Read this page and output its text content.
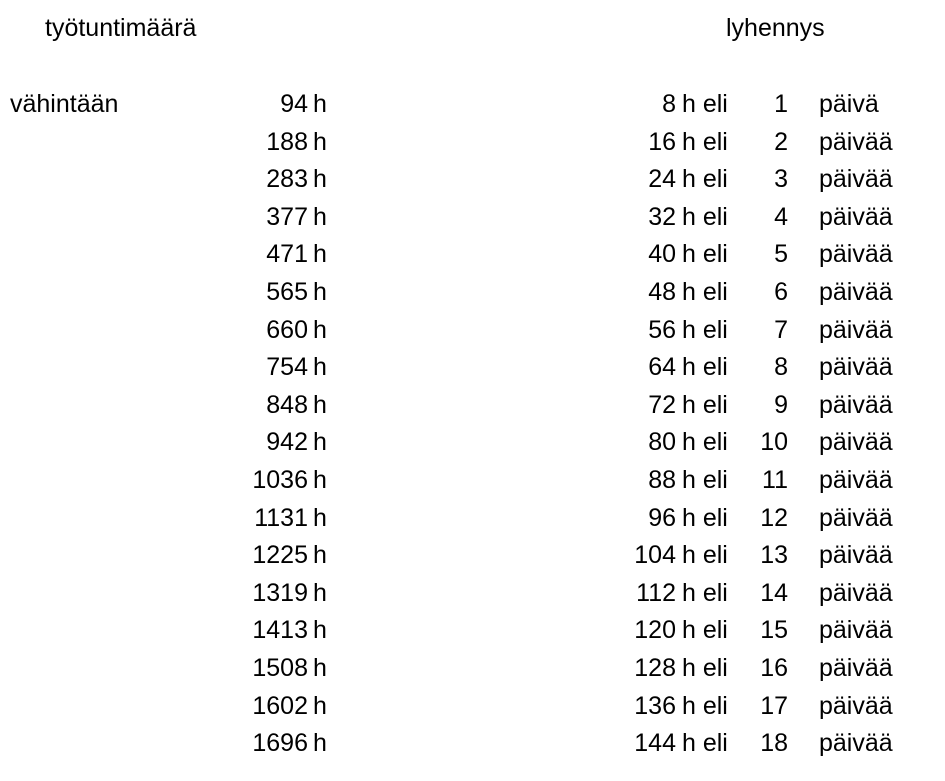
työtuntimäärä	lyhennys
vähintään	94 h	8 h eli	1 päivä
188 h	16 h eli	2 päivää
283 h	24 h eli	3 päivää
377 h	32 h eli	4 päivää
471 h	40 h eli	5 päivää
565 h	48 h eli	6 päivää
660 h	56 h eli	7 päivää
754 h	64 h eli	8 päivää
848 h	72 h eli	9 päivää
942 h	80 h eli	10 päivää
1036 h	88 h eli	11 päivää
1131 h	96 h eli	12 päivää
1225 h	104 h eli	13 päivää
1319 h	112 h eli	14 päivää
1413 h	120 h eli	15 päivää
1508 h	128 h eli	16 päivää
1602 h	136 h eli	17 päivää
1696 h	144 h eli	18 päivää
